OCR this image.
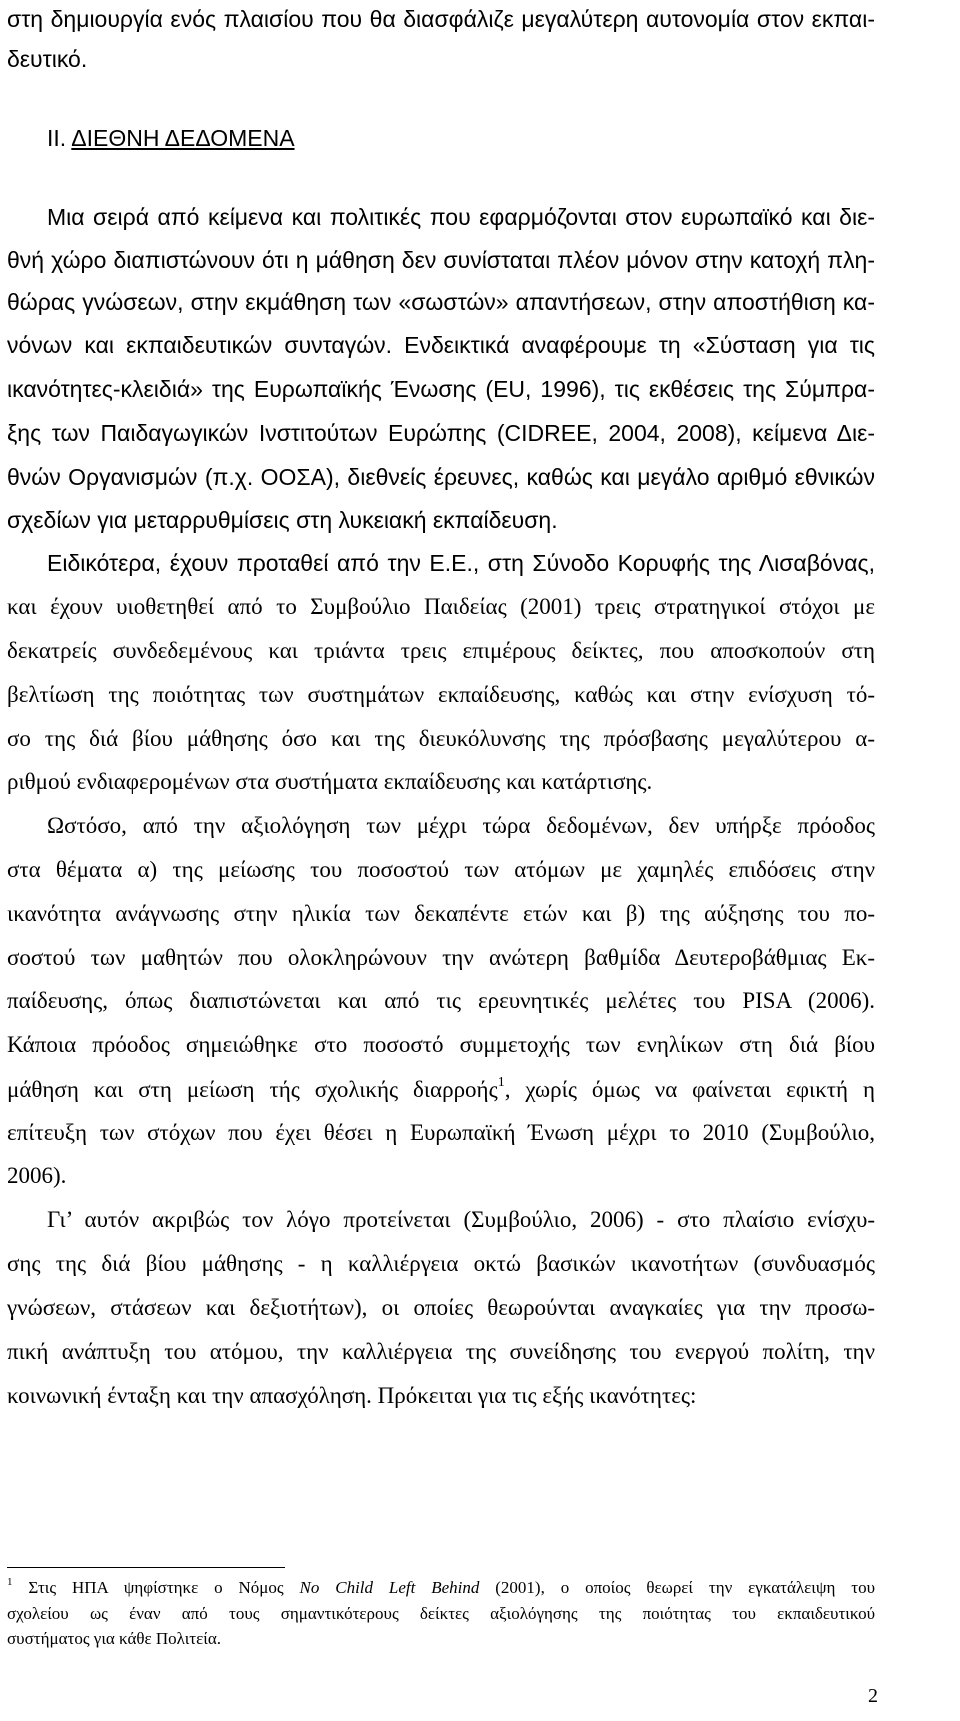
στη δημιουργία ενός πλαισίου που θα διασφάλιζε μεγαλύτερη αυτονομία στον εκπαι-
δευτικό.
ΙΙ. ΔΙΕΘΝΗ ΔΕΔΟΜΕΝΑ
Μια σειρά από κείμενα και πολιτικές που εφαρμόζονται στον ευρωπαϊκό και διε-
θνή χώρο διαπιστώνουν ότι η μάθηση δεν συνίσταται πλέον μόνον στην κατοχή πλη-
θώρας γνώσεων, στην εκμάθηση των «σωστών» απαντήσεων, στην αποστήθιση κα-
νόνων και εκπαιδευτικών συνταγών. Ενδεικτικά αναφέρουμε τη «Σύσταση για τις
ικανότητες-κλειδιά» της Ευρωπαϊκής Ένωσης (EU, 1996), τις εκθέσεις της Σύμπρα-
ξης των Παιδαγωγικών Ινστιτούτων Ευρώπης (CIDREE, 2004, 2008), κείμενα Διε-
θνών Οργανισμών (π.χ. ΟΟΣΑ), διεθνείς έρευνες, καθώς και μεγάλο αριθμό εθνικών
σχεδίων για μεταρρυθμίσεις στη λυκειακή εκπαίδευση.
Ειδικότερα, έχουν προταθεί από την Ε.Ε., στη Σύνοδο Κορυφής της Λισαβόνας,
και έχουν υιοθετηθεί από το Συμβούλιο Παιδείας (2001) τρεις στρατηγικοί στόχοι με
δεκατρείς συνδεδεμένους και τριάντα τρεις επιμέρους δείκτες, που αποσκοπούν στη
βελτίωση της ποιότητας των συστημάτων εκπαίδευσης, καθώς και στην ενίσχυση τό-
σο της διά βίου μάθησης όσο και της διευκόλυνσης της πρόσβασης μεγαλύτερου α-
ριθμού ενδιαφερομένων στα συστήματα εκπαίδευσης και κατάρτισης.
Ωστόσο, από την αξιολόγηση των μέχρι τώρα δεδομένων, δεν υπήρξε πρόοδος
στα θέματα α) της μείωσης του ποσοστού των ατόμων με χαμηλές επιδόσεις στην
ικανότητα ανάγνωσης στην ηλικία των δεκαπέντε ετών και β) της αύξησης του πο-
σοστού των μαθητών που ολοκληρώνουν την ανώτερη βαθμίδα Δευτεροβάθμιας Εκ-
παίδευσης, όπως διαπιστώνεται και από τις ερευνητικές μελέτες του PISA (2006).
Κάποια πρόοδος σημειώθηκε στο ποσοστό συμμετοχής των ενηλίκων στη διά βίου
μάθηση και στη μείωση τής σχολικής διαρροής$^1$, χωρίς όμως να φαίνεται εφικτή η
επίτευξη των στόχων που έχει θέσει η Ευρωπαϊκή Ένωση μέχρι το 2010 (Συμβούλιο,
2006).
Γι’ αυτόν ακριβώς τον λόγο προτείνεται (Συμβούλιο, 2006) - στο πλαίσιο ενίσχυ-
σης της διά βίου μάθησης - η καλλιέργεια οκτώ βασικών ικανοτήτων (συνδυασμός
γνώσεων, στάσεων και δεξιοτήτων), οι οποίες θεωρούνται αναγκαίες για την προσω-
πική ανάπτυξη του ατόμου, την καλλιέργεια της συνείδησης του ενεργού πολίτη, την
κοινωνική ένταξη και την απασχόληση. Πρόκειται για τις εξής ικανότητες:
$^1$ Στις ΗΠΑ ψηφίστηκε ο Νόμος No Child Left Behind (2001), ο οποίος θεωρεί την εγκατάλειψη του
σχολείου ως έναν από τους σημαντικότερους δείκτες αξιολόγησης της ποιότητας του εκπαιδευτικού
συστήματος για κάθε Πολιτεία.
2
